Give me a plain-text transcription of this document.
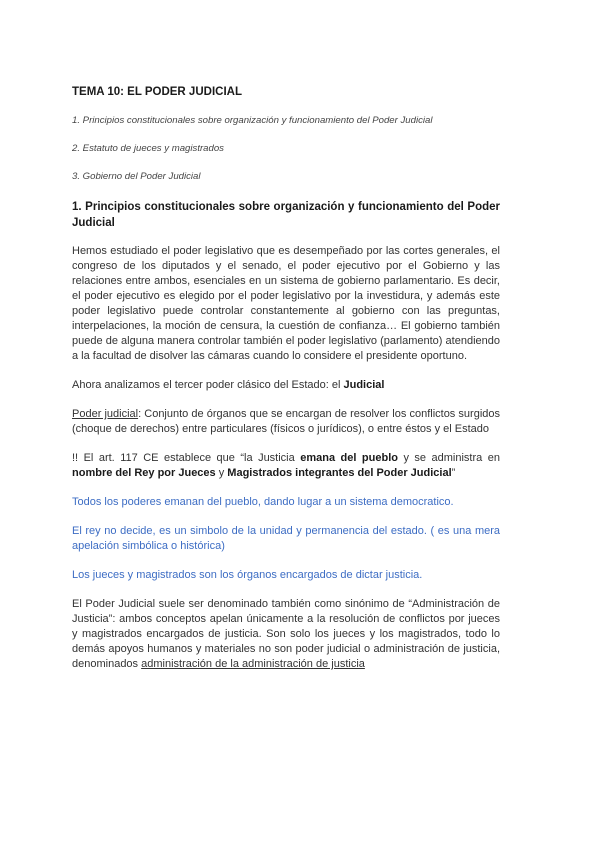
TEMA 10: EL PODER JUDICIAL
1. Principios constitucionales sobre organización y funcionamiento del Poder Judicial
2. Estatuto de jueces y magistrados
3. Gobierno del Poder Judicial
1. Principios constitucionales sobre organización y funcionamiento del Poder Judicial

Hemos estudiado el poder legislativo que es desempeñado por las cortes generales, el congreso de los diputados y el senado, el poder ejecutivo por el Gobierno y las relaciones entre ambos, esenciales en un sistema de gobierno parlamentario. Es decir, el poder ejecutivo es elegido por el poder legislativo por la investidura, y además este poder legislativo puede controlar constantemente al gobierno con las preguntas, interpelaciones, la moción de censura, la cuestión de confianza… El gobierno también puede de alguna manera controlar también el poder legislativo (parlamento) atendiendo a la facultad de disolver las cámaras cuando lo considere el presidente oportuno.

Ahora analizamos el tercer poder clásico del Estado: el Judicial

Poder judicial: Conjunto de órganos que se encargan de resolver los conflictos surgidos (choque de derechos) entre particulares (físicos o jurídicos), o entre éstos y el Estado

!! El art. 117 CE establece que “la Justicia emana del pueblo y se administra en nombre del Rey por Jueces y Magistrados integrantes del Poder Judicial”

Todos los poderes emanan del pueblo, dando lugar a un sistema democratico.

El rey no decide, es un simbolo de la unidad y permanencia del estado. ( es una mera apelación simbólica o histórica)

Los jueces y magistrados son los órganos encargados de dictar justicia.

El Poder Judicial suele ser denominado también como sinónimo de “Administración de Justicia”: ambos conceptos apelan únicamente a la resolución de conflictos por jueces y magistrados encargados de justicia. Son solo los jueces y los magistrados, todo lo demás apoyos humanos y materiales no son poder judicial o administración de justicia, denominados administración de la administración de justicia
